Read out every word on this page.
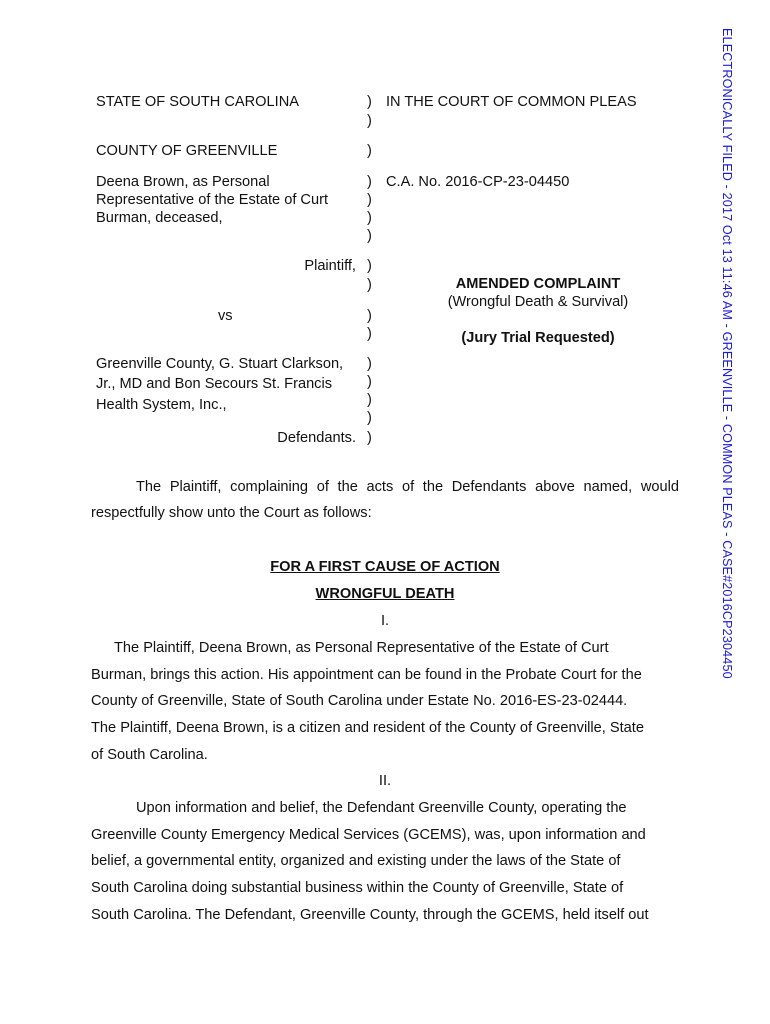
ELECTRONICALLY FILED - 2017 Oct 13 11:46 AM - GREENVILLE - COMMON PLEAS - CASE#2016CP2304450
STATE OF SOUTH CAROLINA	IN THE COURT OF COMMON PLEAS
COUNTY OF GREENVILLE
Deena Brown, as Personal
Representative of the Estate of Curt
Burman, deceased,
C.A. No. 2016-CP-23-04450
Plaintiff,
vs
AMENDED COMPLAINT
(Wrongful Death & Survival)
(Jury Trial Requested)
Greenville County, G. Stuart Clarkson,
Jr., MD and Bon Secours St. Francis
Health System, Inc.,
Defendants.
)
)
)
)
)
)
)
)
)
)
)
)
)
)
)
)
The Plaintiff, complaining of the acts of the Defendants above named, would
respectfully show unto the Court as follows:
FOR A FIRST CAUSE OF ACTION
WRONGFUL DEATH
I.
The Plaintiff, Deena Brown, as Personal Representative of the Estate of Curt
Burman, brings this action. His appointment can be found in the Probate Court for the
County of Greenville, State of South Carolina under Estate No. 2016-ES-23-02444.
The Plaintiff, Deena Brown, is a citizen and resident of the County of Greenville, State
of South Carolina.
II.
Upon information and belief, the Defendant Greenville County, operating the
Greenville County Emergency Medical Services (GCEMS), was, upon information and
belief, a governmental entity, organized and existing under the laws of the State of
South Carolina doing substantial business within the County of Greenville, State of
South Carolina. The Defendant, Greenville County, through the GCEMS, held itself out
